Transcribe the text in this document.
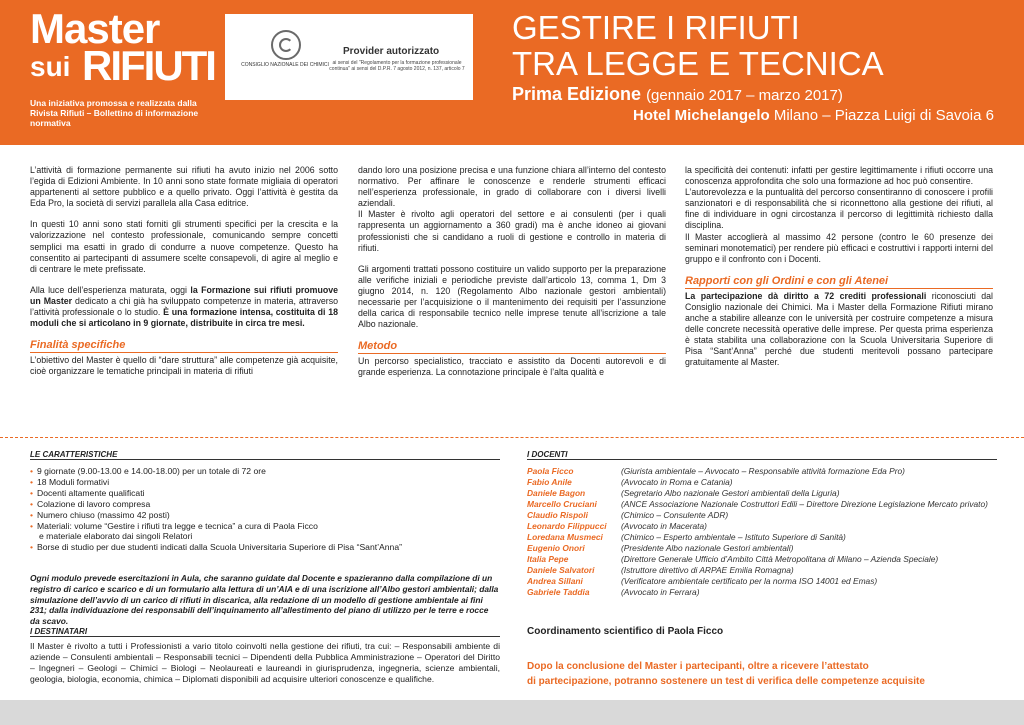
Master
sui RIFIUTI
Una iniziativa promossa e realizzata dalla Rivista Rifiuti – Bollettino di informazione normativa
CONSIGLIO NAZIONALE DEI CHIMICI
Provider autorizzato
ai sensi del "Regolamento per la formazione professionale continua" ai sensi del D.P.R. 7 agosto 2012, n. 137, articolo 7
GESTIRE I RIFIUTI
TRA LEGGE E TECNICA
Prima Edizione (gennaio 2017 – marzo 2017)
Hotel Michelangelo Milano – Piazza Luigi di Savoia 6

L’attività di formazione permanente sui rifiuti ha avuto inizio nel 2006 sotto l’egida di Edizioni Ambiente. In 10 anni sono state formate migliaia di operatori appartenenti al settore pubblico e a quello privato. Oggi l’attività è gestita da Eda Pro, la società di servizi parallela alla Casa editrice.

In questi 10 anni sono stati forniti gli strumenti specifici per la crescita e la valorizzazione nel contesto professionale, comunicando sempre concetti semplici ma esatti in grado di condurre a nuove competenze. Questo ha consentito ai partecipanti di assumere scelte consapevoli, di agire al meglio e di centrare le mete prefissate.

Alla luce dell’esperienza maturata, oggi la Formazione sui rifiuti promuove un Master dedicato a chi già ha sviluppato competenze in materia, attraverso l’attività professionale o lo studio. È una formazione intensa, costituita di 18 moduli che si articolano in 9 giornate, distribuite in circa tre mesi.

Finalità specifiche

L’obiettivo del Master è quello di “dare struttura” alle competenze già acquisite, cioè organizzare le tematiche principali in materia di rifiuti

dando loro una posizione precisa e una funzione chiara all’interno del contesto normativo. Per affinare le conoscenze e renderle strumenti efficaci nell’esperienza professionale, in grado di collaborare con i diversi livelli aziendali.

Il Master è rivolto agli operatori del settore e ai consulenti (per i quali rappresenta un aggiornamento a 360 gradi) ma è anche idoneo ai giovani professionisti che si candidano a ruoli di gestione e controllo in materia di rifiuti.

Gli argomenti trattati possono costituire un valido supporto per la preparazione alle verifiche iniziali e periodiche previste dall’articolo 13, comma 1, Dm 3 giugno 2014, n. 120 (Regolamento Albo nazionale gestori ambientali) necessarie per l’acquisizione o il mantenimento dei requisiti per l’assunzione della carica di responsabile tecnico nelle imprese tenute all’iscrizione a tale Albo nazionale.

Metodo

Un percorso specialistico, tracciato e assistito da Docenti autorevoli e di grande esperienza. La connotazione principale è l’alta qualità e

la specificità dei contenuti: infatti per gestire legittimamente i rifiuti occorre una conoscenza approfondita che solo una formazione ad hoc può consentire.

L’autorevolezza e la puntualità del percorso consentiranno di conoscere i profili sanzionatori e di responsabilità che si riconnettono alla gestione dei rifiuti, al fine di individuare in ogni circostanza il percorso di legittimità richiesto dalla disciplina.

Il Master accoglierà al massimo 42 persone (contro le 60 presenze dei seminari monotematici) per rendere più efficaci e costruttivi i rapporti interni del gruppo e il confronto con i Docenti.

Rapporti con gli Ordini e con gli Atenei

La partecipazione dà diritto a 72 crediti professionali riconosciuti dal Consiglio nazionale dei Chimici. Ma i Master della Formazione Rifiuti mirano anche a stabilire alleanze con le università per costruire competenze a misura delle concrete necessità operative delle imprese. Per questa prima esperienza è stata stabilita una collaborazione con la Scuola Universitaria Superiore di Pisa “Sant’Anna” perché due studenti meritevoli possano partecipare gratuitamente al Master.

LE CARATTERISTICHE
• 9 giornate (9.00-13.00 e 14.00-18.00) per un totale di 72 ore
• 18 Moduli formativi
• Docenti altamente qualificati
• Colazione di lavoro compresa
• Numero chiuso (massimo 42 posti)
• Materiali: volume “Gestire i rifiuti tra legge e tecnica” a cura di Paola Ficco
e materiale elaborato dai singoli Relatori
• Borse di studio per due studenti indicati dalla Scuola Universitaria Superiore di Pisa “Sant’Anna”
Ogni modulo prevede esercitazioni in Aula, che saranno guidate dal Docente e spazieranno dalla compilazione di un registro di carico e scarico e di un formulario alla lettura di un’AIA e di una iscrizione all’Albo gestori ambientali; dalla simulazione dell’avvio di un carico di rifiuti in discarica, alla redazione di un modello di gestione ambientale ai fini 231; dalla individuazione dei responsabili dell’inquinamento all’allestimento del piano di utilizzo per le terre e rocce da scavo.
I DESTINATARI
Il Master è rivolto a tutti i Professionisti a vario titolo coinvolti nella gestione dei rifiuti, tra cui: – Responsabili ambiente di aziende – Consulenti ambientali – Responsabili tecnici – Dipendenti della Pubblica Amministrazione – Operatori del Diritto – Ingegneri – Geologi – Chimici – Biologi – Neolaureati e laureandi in giurisprudenza, ingegneria, scienze ambientali, geologia, biologia, economia, chimica – Diplomati disponibili ad acquisire ulteriori conoscenze e qualifiche.
I DOCENTI
Paola Ficco	(Giurista ambientale – Avvocato – Responsabile attività formazione Eda Pro)
Fabio Anile	(Avvocato in Roma e Catania)
Daniele Bagon	(Segretario Albo nazionale Gestori ambientali della Liguria)
Marcello Cruciani	(ANCE Associazione Nazionale Costruttori Edili – Direttore Direzione Legislazione Mercato privato)
Claudio Rispoli	(Chimico – Consulente ADR)
Leonardo Filippucci (Avvocato in Macerata)
Loredana Musmeci (Chimico – Esperto ambientale – Istituto Superiore di Sanità)
Eugenio Onori	(Presidente Albo nazionale Gestori ambientali)
Italia Pepe	(Direttore Generale Ufficio d’Ambito Città Metropolitana di Milano – Azienda Speciale)
Daniele Salvatori	(Istruttore direttivo di ARPAE Emilia Romagna)
Andrea Sillani	(Verificatore ambientale certificato per la norma ISO 14001 ed Emas)
Gabriele Taddia	(Avvocato in Ferrara)
Coordinamento scientifico di Paola Ficco
Dopo la conclusione del Master i partecipanti, oltre a ricevere l’attestato
di partecipazione, potranno sostenere un test di verifica delle competenze acquisite
